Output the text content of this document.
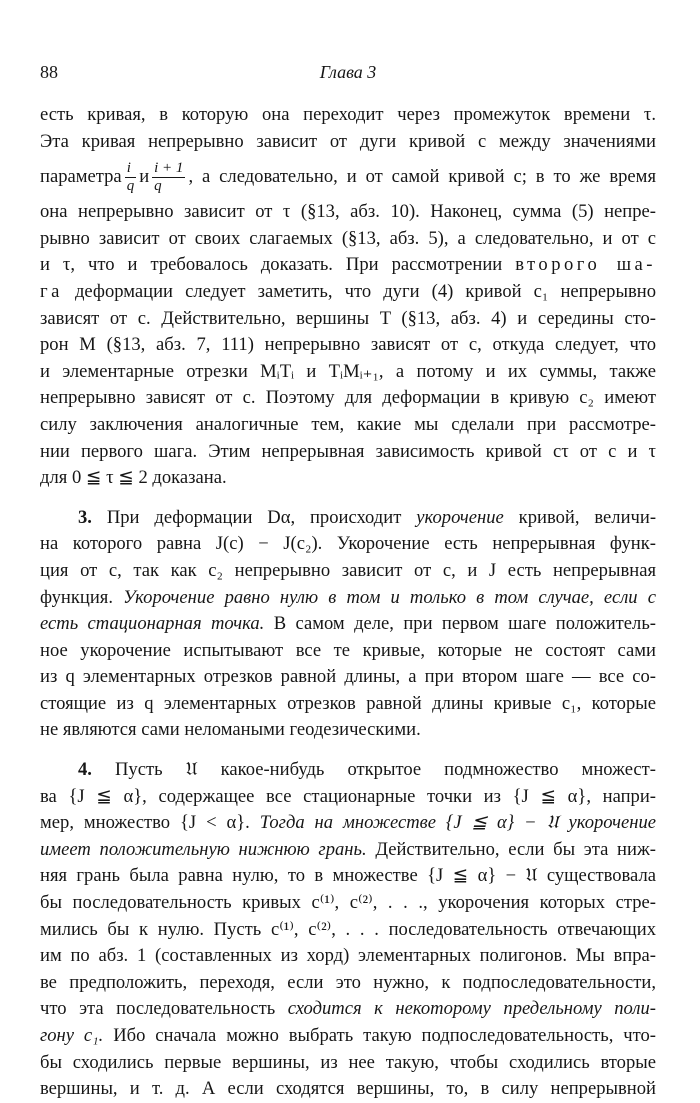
88	Глава 3
есть кривая, в которую она переходит через промежуток времени τ.
Эта кривая непрерывно зависит от дуги кривой c между значениями
параметра $\frac{i}{q}$ и $\frac{i + 1}{q}$ , а следовательно, и от самой кривой c; в то же время
она непрерывно зависит от τ (§13, абз. 10). Наконец, сумма (5) непре-
рывно зависит от своих слагаемых (§13, абз. 5), а следовательно, и от c
и τ, что и требовалось доказать. При рассмотрении второго ша-
га деформации следует заметить, что дуги (4) кривой c₁ непрерывно
зависят от c. Действительно, вершины T (§13, абз. 4) и середины сто-
рон M (§13, абз. 7, 111) непрерывно зависят от c, откуда следует, что
и элементарные отрезки MᵢTᵢ и TᵢMᵢ₊₁, а потому и их суммы, также
непрерывно зависят от c. Поэтому для деформации в кривую c₂ имеют
силу заключения аналогичные тем, какие мы сделали при рассмотре-
нии первого шага. Этим непрерывная зависимость кривой cτ от c и τ
для 0 ≦ τ ≦ 2 доказана.
3. При деформации Dα, происходит укорочение кривой, величи-
на которого равна J(c) − J(c₂). Укорочение есть непрерывная функ-
ция от c, так как c₂ непрерывно зависит от c, и J есть непрерывная
функция. Укорочение равно нулю в том и только в том случае, если с
есть стационарная точка. В самом деле, при первом шаге положитель-
ное укорочение испытывают все те кривые, которые не состоят сами
из q элементарных отрезков равной длины, а при втором шаге — все со-
стоящие из q элементарных отрезков равной длины кривые c₁, которые
не являются сами неломаными геодезическими.
4. Пусть 𝔘 какое-нибудь открытое подмножество множест-
ва {J ≦ α}, содержащее все стационарные точки из {J ≦ α}, напри-
мер, множество {J < α}. Тогда на множестве {J ≦ α} − 𝔘 укорочение
имеет положительную нижнюю грань. Действительно, если бы эта ниж-
няя грань была равна нулю, то в множестве {J ≦ α} − 𝔘 существовала
бы последовательность кривых c⁽¹⁾, c⁽²⁾, . . ., укорочения которых стре-
мились бы к нулю. Пусть c⁽¹⁾, c⁽²⁾, . . . последовательность отвечающих
им по абз. 1 (составленных из хорд) элементарных полигонов. Мы впра-
ве предположить, переходя, если это нужно, к подпоследовательности,
что эта последовательность сходится к некоторому предельному поли-
гону c₁. Ибо сначала можно выбрать такую подпоследовательность, что-
бы сходились первые вершины, из нее такую, чтобы сходились вторые
вершины, и т. д. А если сходятся вершины, то, в силу непрерывной
